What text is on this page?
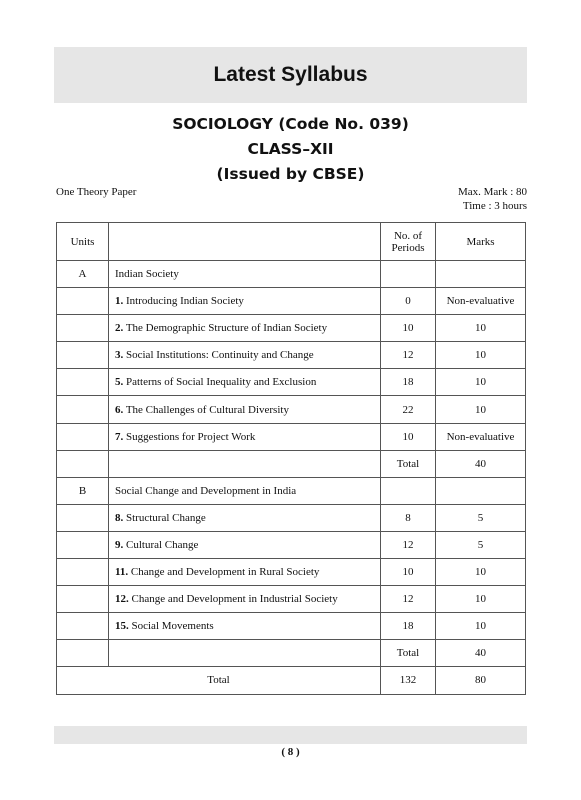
Latest Syllabus
SOCIOLOGY (Code No. 039)
CLASS–XII
(Issued by CBSE)
One Theory Paper	Max. Mark : 80
Time : 3 hours
Units		No. of Periods	Marks
A	Indian Society		
	1. Introducing Indian Society	0	Non-evaluative
	2. The Demographic Structure of Indian Society	10	10
	3. Social Institutions: Continuity and Change	12	10
	5. Patterns of Social Inequality and Exclusion	18	10
	6. The Challenges of Cultural Diversity	22	10
	7. Suggestions for Project Work	10	Non-evaluative
		Total	40
B	Social Change and Development in India		
	8. Structural Change	8	5
	9. Cultural Change	12	5
	11. Change and Development in Rural Society	10	10
	12. Change and Development in Industrial Society	12	10
	15. Social Movements	18	10
		Total	40
Total		132	80
( 8 )
